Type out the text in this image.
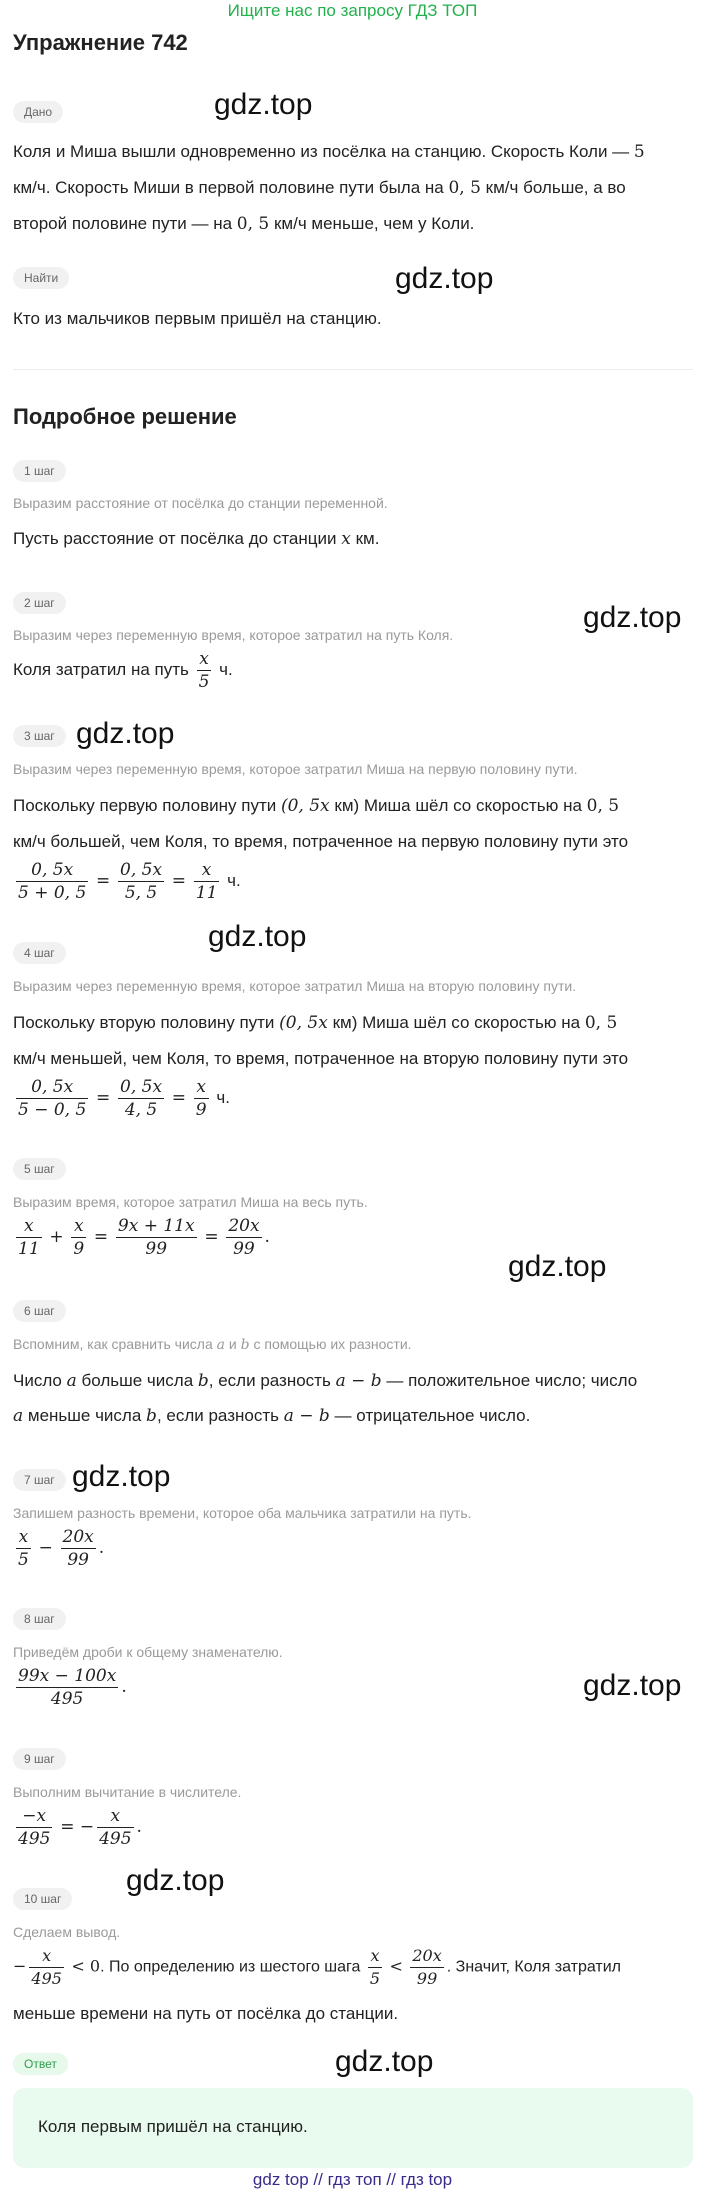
Ищите нас по запросу ГДЗ ТОП
Упражнение 742
Дано	gdz.top
Коля и Миша вышли одновременно из посёлка на станцию. Скорость Коли — 5
км/ч. Скорость Миши в первой половине пути была на 0, 5 км/ч больше, а во
второй половине пути — на 0, 5 км/ч меньше, чем у Коли.
Найти	gdz.top
Кто из мальчиков первым пришёл на станцию.
Подробное решение
1 шаг
Выразим расстояние от посёлка до станции переменной.
Пусть расстояние от посёлка до станции x км.
2 шаг	gdz.top
Выразим через переменную время, которое затратил на путь Коля.
Коля затратил на путь $\frac{x}{5} ч$.
3 шаг gdz.top
Выразим через переменную время, которое затратил Миша на первую половину пути.
Поскольку первую половину пути (0, 5x км) Миша шёл со скоростью на 0, 5
км/ч большей, чем Коля, то время, потраченное на первую половину пути это
$\frac{0, 5x}{5 + 0, 5} = \frac{0, 5x}{5, 5} = \frac{x}{11} ч$.
gdz.top
4 шаг
Выразим через переменную время, которое затратил Миша на вторую половину пути.
Поскольку вторую половину пути (0, 5x км) Миша шёл со скоростью на 0, 5
км/ч меньшей, чем Коля, то время, потраченное на вторую половину пути это
$\frac{0, 5x}{5 - 0, 5} = \frac{0, 5x}{4, 5} = \frac{x}{9} ч$.
5 шаг
Выразим время, которое затратил Миша на весь путь.
$\frac{x}{11} + \frac{x}{9} = \frac{9x + 11x}{99} = \frac{20x}{99}$ .
gdz.top
6 шаг
Вспомним, как сравнить числа a и b с помощью их разности.
Число a больше числа b, если разность a − b — положительное число; число
a меньше числа b, если разность a − b — отрицательное число.
7 шаг gdz.top
Запишем разность времени, которое оба мальчика затратили на путь.
$\frac{x}{5} - \frac{20x}{99}$ .
8 шаг
Приведём дроби к общему знаменателю.
$\frac{99x - 100x}{495}$ .	gdz.top
9 шаг
Выполним вычитание в числителе.
$\frac{-x}{495}$ = − $\frac{x}{495}$ .
gdz.top
10 шаг
Сделаем вывод.
− $\frac{x}{495} < 0$. По определению из шестого шага $\frac{x}{5} < \frac{20x}{99}$ . Значит, Коля затратил
меньше времени на путь от посёлка до станции.
Ответ	gdz.top
Коля первым пришёл на станцию.
gdz top // гдз топ // гдз top
